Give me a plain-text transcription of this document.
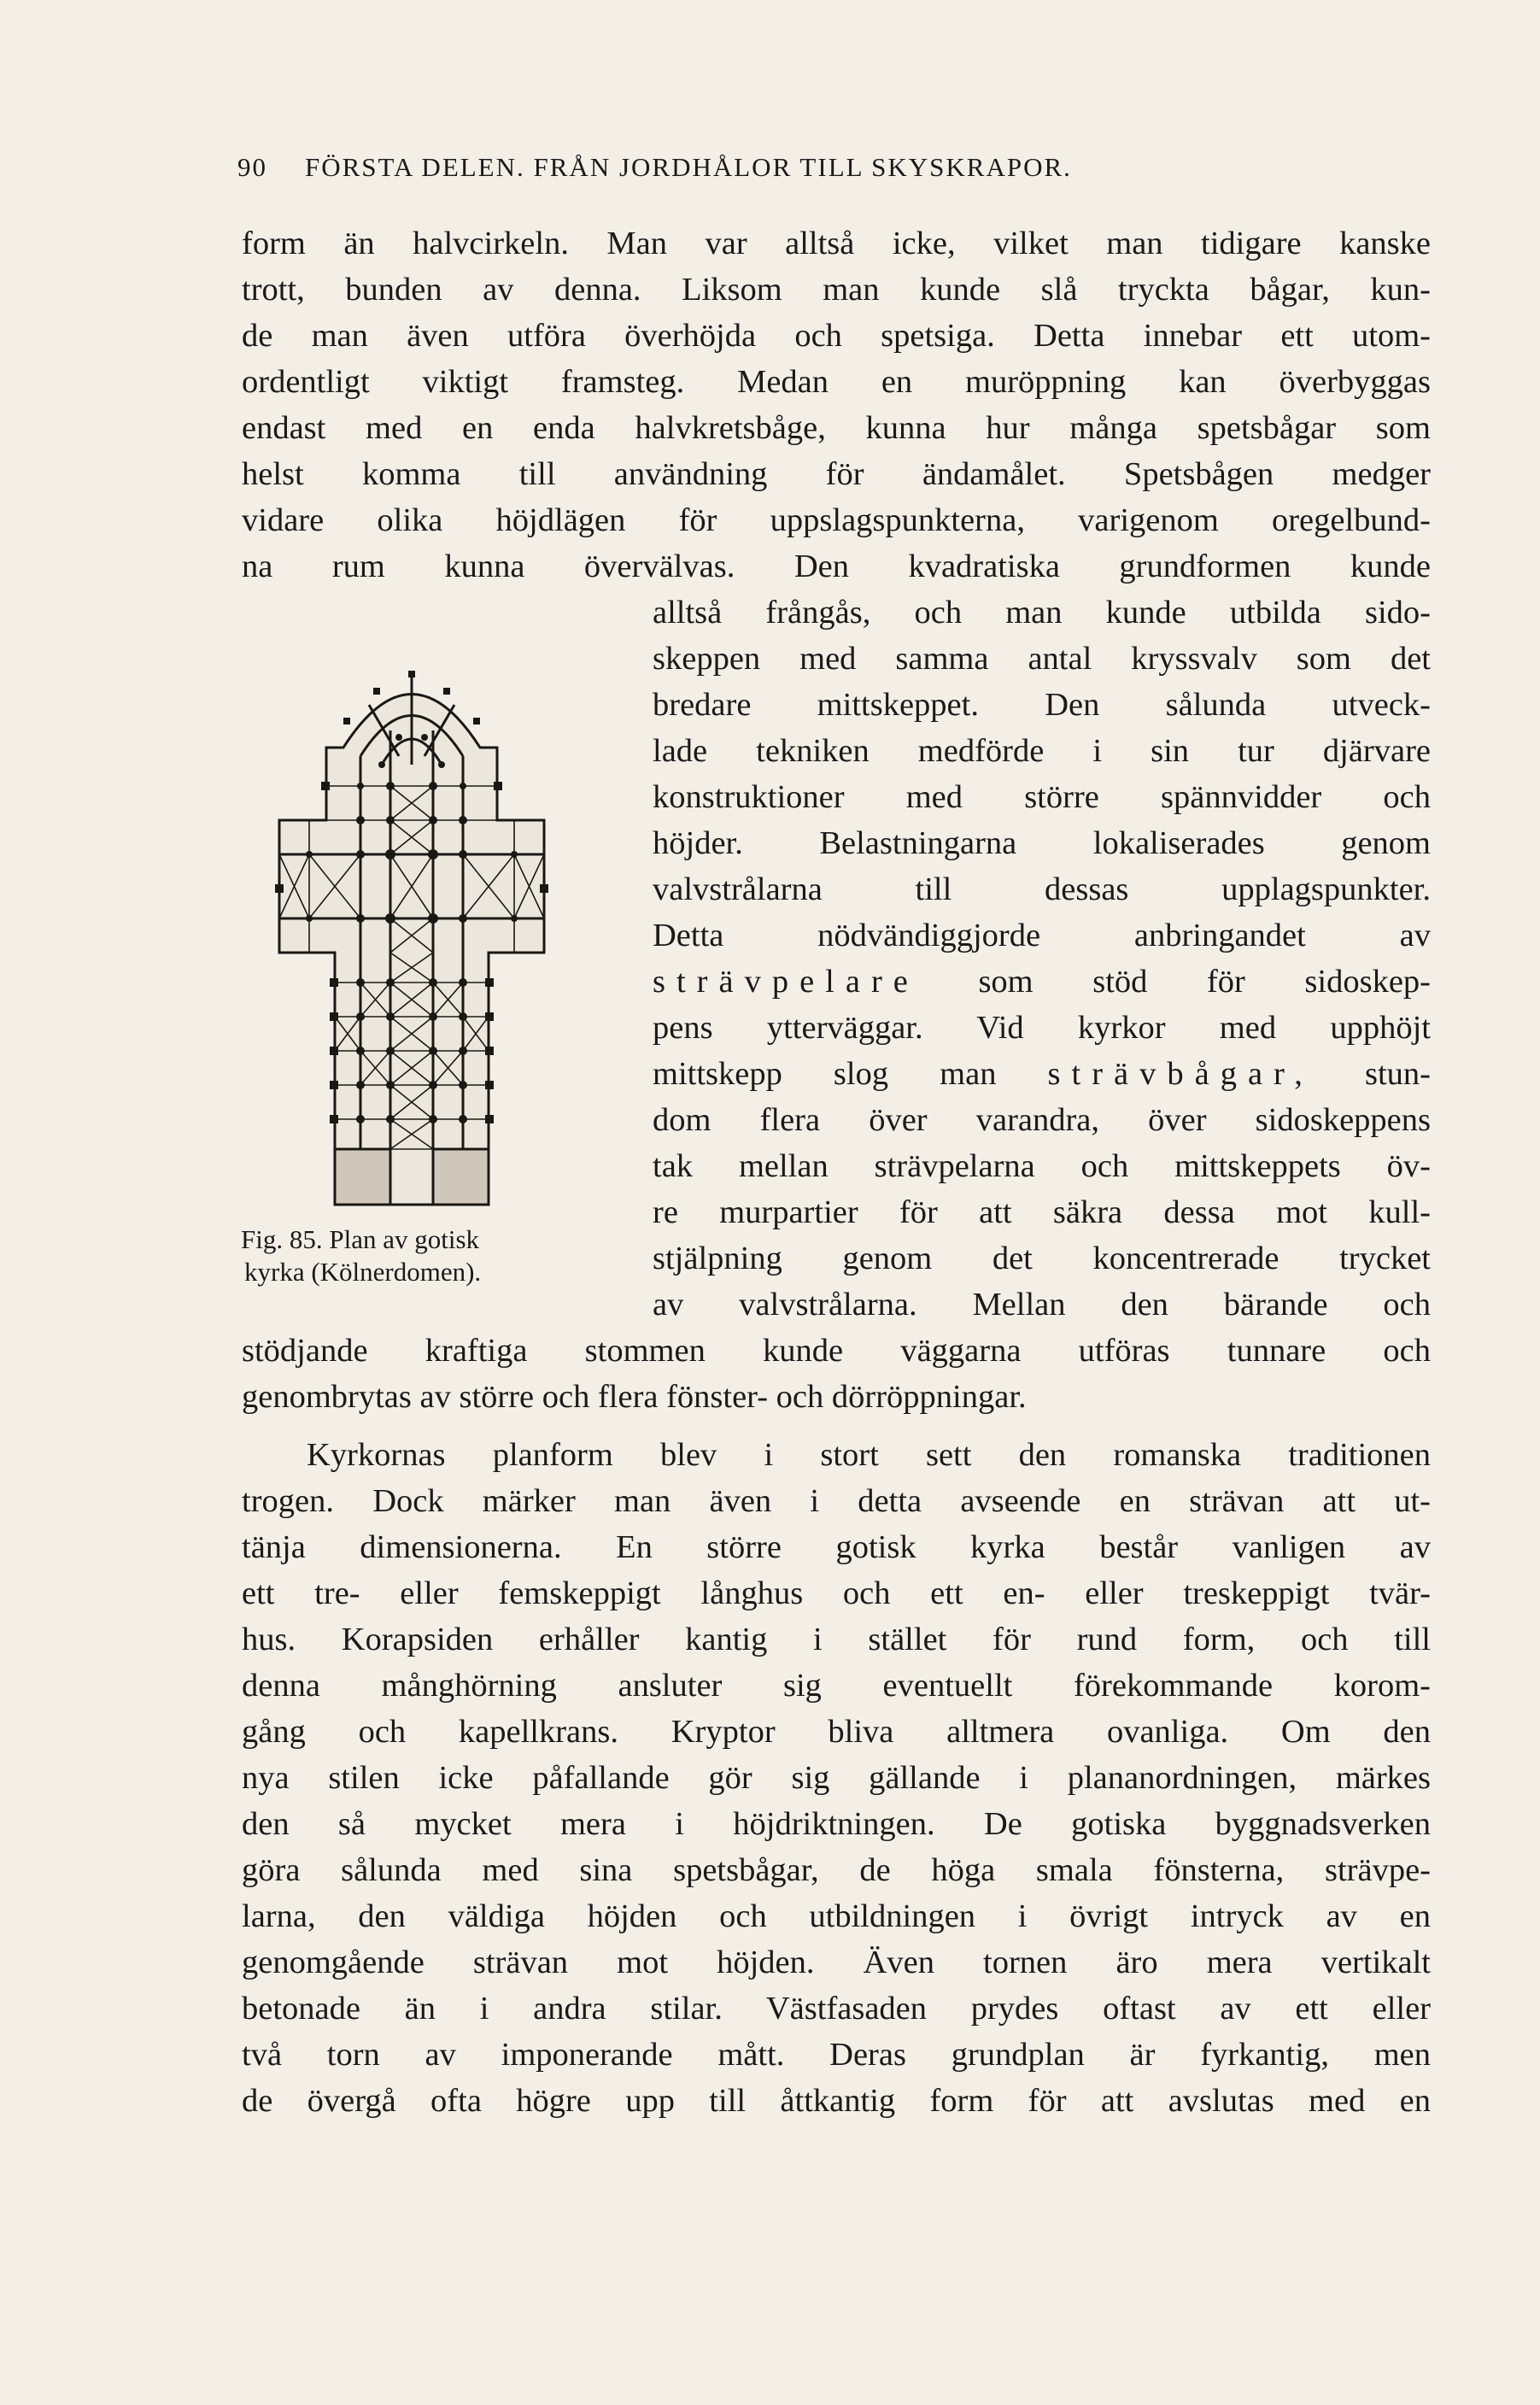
90 FÖRSTA DELEN. FRÅN JORDHÅLOR TILL SKYSKRAPOR.
form än halvcirkeln. Man var alltså icke, vilket man tidigare kanske
trott, bunden av denna. Liksom man kunde slå tryckta bågar, kun-
de man även utföra överhöjda och spetsiga. Detta innebar ett utom-
ordentligt viktigt framsteg. Medan en muröppning kan överbyggas
endast med en enda halvkretsbåge, kunna hur många spetsbågar som
helst komma till användning för ändamålet. Spetsbågen medger
vidare olika höjdlägen för uppslagspunkterna, varigenom oregelbund-
na rum kunna övervälvas. Den kvadratiska grundformen kunde
alltså frångås, och man kunde utbilda sido-
skeppen med samma antal kryssvalv som det
bredare mittskeppet. Den sålunda utveck-
lade tekniken medförde i sin tur djärvare
konstruktioner med större spännvidder och
höjder. Belastningarna lokaliserades genom
valvstrålarna till dessas upplagspunkter.
Detta nödvändiggjorde anbringandet av
strävpelare som stöd för sidoskep-
pens ytterväggar. Vid kyrkor med upphöjt
mittskepp slog man strävbågar, stun-
dom flera över varandra, över sidoskeppens
tak mellan strävpelarna och mittskeppets öv-
re murpartier för att säkra dessa mot kull-
stjälpning genom det koncentrerade trycket
av valvstrålarna. Mellan den bärande och
stödjande kraftiga stommen kunde väggarna utföras tunnare och
genombrytas av större och flera fönster- och dörröppningar.
Fig. 85. Plan av gotisk
kyrka (Kölnerdomen).
Kyrkornas planform blev i stort sett den romanska traditionen
trogen. Dock märker man även i detta avseende en strävan att ut-
tänja dimensionerna. En större gotisk kyrka består vanligen av
ett tre- eller femskeppigt långhus och ett en- eller treskeppigt tvär-
hus. Korapsiden erhåller kantig i stället för rund form, och till
denna månghörning ansluter sig eventuellt förekommande korom-
gång och kapellkrans. Kryptor bliva alltmera ovanliga. Om den
nya stilen icke påfallande gör sig gällande i plananordningen, märkes
den så mycket mera i höjdriktningen. De gotiska byggnadsverken
göra sålunda med sina spetsbågar, de höga smala fönsterna, strävpe-
larna, den väldiga höjden och utbildningen i övrigt intryck av en
genomgående strävan mot höjden. Även tornen äro mera vertikalt
betonade än i andra stilar. Västfasaden prydes oftast av ett eller
två torn av imponerande mått. Deras grundplan är fyrkantig, men
de övergå ofta högre upp till åttkantig form för att avslutas med en
